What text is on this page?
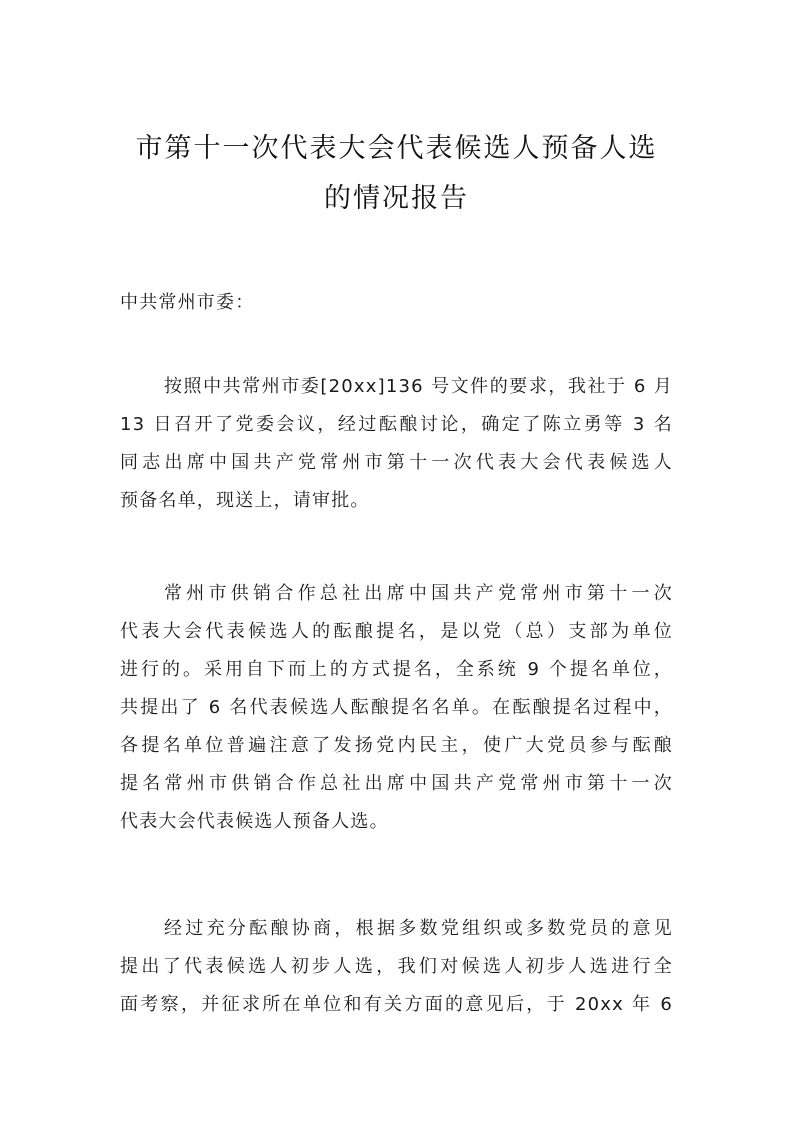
市第十一次代表大会代表候选人预备人选
的情况报告
中共常州市委：
按照中共常州市委[20xx]136 号文件的要求，我社于 6 月
13 日召开了党委会议，经过酝酿讨论，确定了陈立勇等 3 名
同志出席中国共产党常州市第十一次代表大会代表候选人
预备名单，现送上，请审批。
常州市供销合作总社出席中国共产党常州市第十一次
代表大会代表候选人的酝酿提名，是以党（总）支部为单位
进行的。采用自下而上的方式提名，全系统 9 个提名单位，
共提出了 6 名代表候选人酝酿提名名单。在酝酿提名过程中，
各提名单位普遍注意了发扬党内民主，使广大党员参与酝酿
提名常州市供销合作总社出席中国共产党常州市第十一次
代表大会代表候选人预备人选。
经过充分酝酿协商，根据多数党组织或多数党员的意见
提出了代表候选人初步人选，我们对候选人初步人选进行全
面考察，并征求所在单位和有关方面的意见后，于 20xx 年 6
